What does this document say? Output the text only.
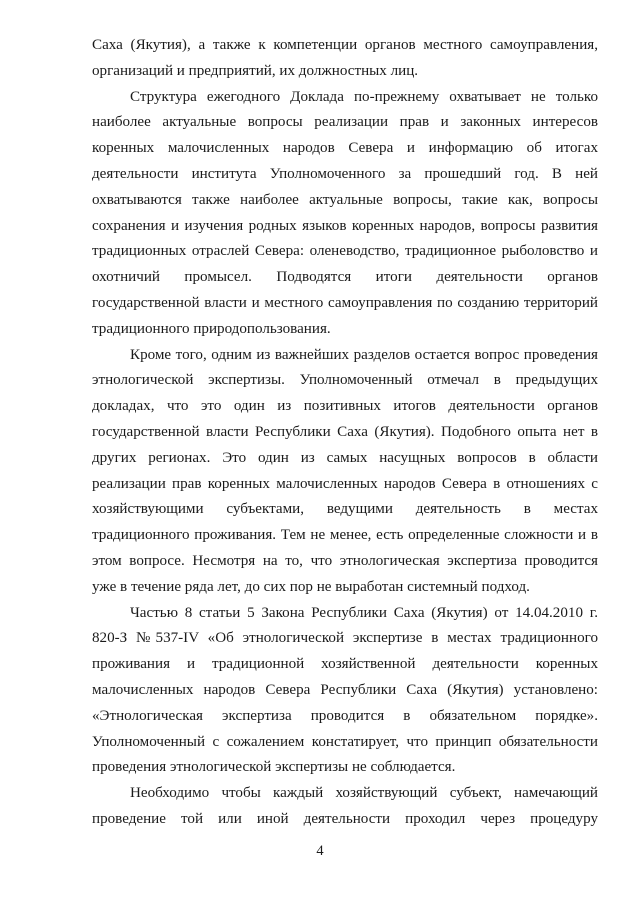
Саха (Якутия), а также к компетенции органов местного самоуправления,
организаций и предприятий, их должностных лиц.
Структура ежегодного Доклада по-прежнему охватывает не только
наиболее актуальные вопросы реализации прав и законных интересов
коренных малочисленных народов Севера и информацию об итогах
деятельности института Уполномоченного за прошедший год. В ней
охватываются также наиболее актуальные вопросы, такие как, вопросы
сохранения и изучения родных языков коренных народов, вопросы развития
традиционных отраслей Севера: оленеводство, традиционное рыболовство и
охотничий промысел. Подводятся итоги деятельности органов
государственной власти и местного самоуправления по созданию территорий
традиционного природопользования.
Кроме того, одним из важнейших разделов остается вопрос проведения
этнологической экспертизы. Уполномоченный отмечал в предыдущих
докладах, что это один из позитивных итогов деятельности органов
государственной власти Республики Саха (Якутия). Подобного опыта нет в
других регионах. Это один из самых насущных вопросов в области
реализации прав коренных малочисленных народов Севера в отношениях с
хозяйствующими субъектами, ведущими деятельность в местах
традиционного проживания. Тем не менее, есть определенные сложности и в
этом вопросе. Несмотря на то, что этнологическая экспертиза проводится
уже в течение ряда лет, до сих пор не выработан системный подход.
Частью 8 статьи 5 Закона Республики Саха (Якутия) от 14.04.2010 г.
820-З №537-IV «Об этнологической экспертизе в местах традиционного
проживания и традиционной хозяйственной деятельности коренных
малочисленных народов Севера Республики Саха (Якутия) установлено:
«Этнологическая экспертиза проводится в обязательном порядке».
Уполномоченный с сожалением констатирует, что принцип обязательности
проведения этнологической экспертизы не соблюдается.
Необходимо чтобы каждый хозяйствующий субъект, намечающий
проведение той или иной деятельности проходил через процедуру
4
